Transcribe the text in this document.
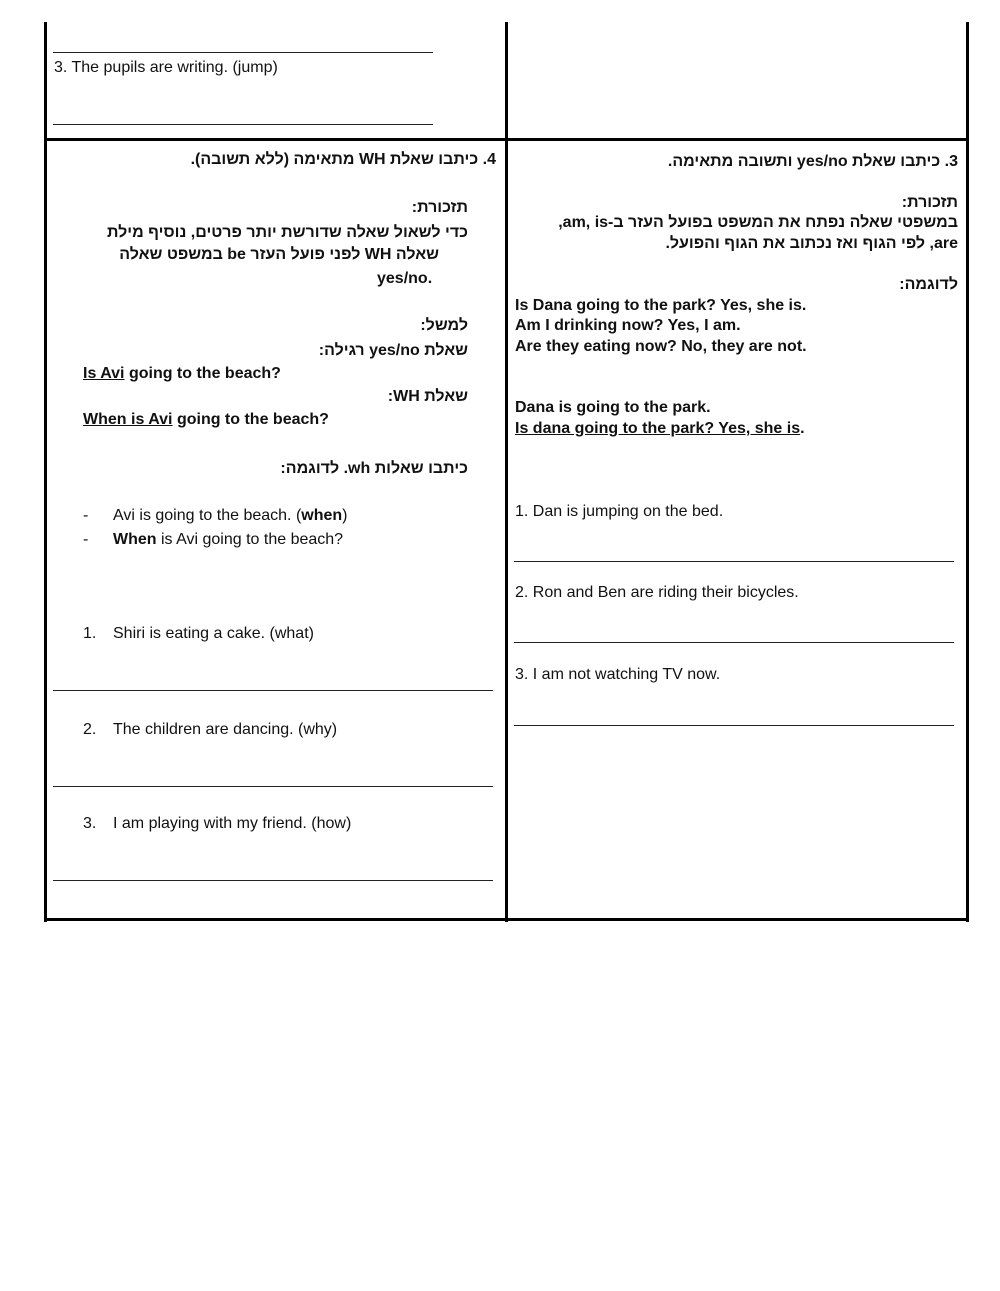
3. The pupils are writing. (jump)
4. כיתבו שאלת WH מתאימה (ללא תשובה).
תזכורת:
כדי לשאול שאלה שדורשת יותר פרטים, נוסיף מילת
שאלה WH לפני פועל העזר be במשפט שאלה
yes/no.
למשל:
שאלת yes/no רגילה:
Is Avi going to the beach?
שאלת WH:
When is Avi going to the beach?
כיתבו שאלות wh. לדוגמה:
- Avi is going to the beach. (when)
- When is Avi going to the beach?
1. Shiri is eating a cake. (what)
2. The children are dancing. (why)
3. I am playing with my friend. (how)
3. כיתבו שאלת yes/no ותשובה מתאימה.
תזכורת:
במשפטי שאלה נפתח את המשפט בפועל העזר ב-am, is,
are, לפי הגוף ואז נכתוב את הגוף והפועל.
לדוגמה:
Is Dana going to the park? Yes, she is.
Am I drinking now? Yes, I am.
Are they eating now? No, they are not.
Dana is going to the park.
Is dana going to the park? Yes, she is.
1. Dan is jumping on the bed.
2. Ron and Ben are riding their bicycles.
3. I am not watching TV now.
